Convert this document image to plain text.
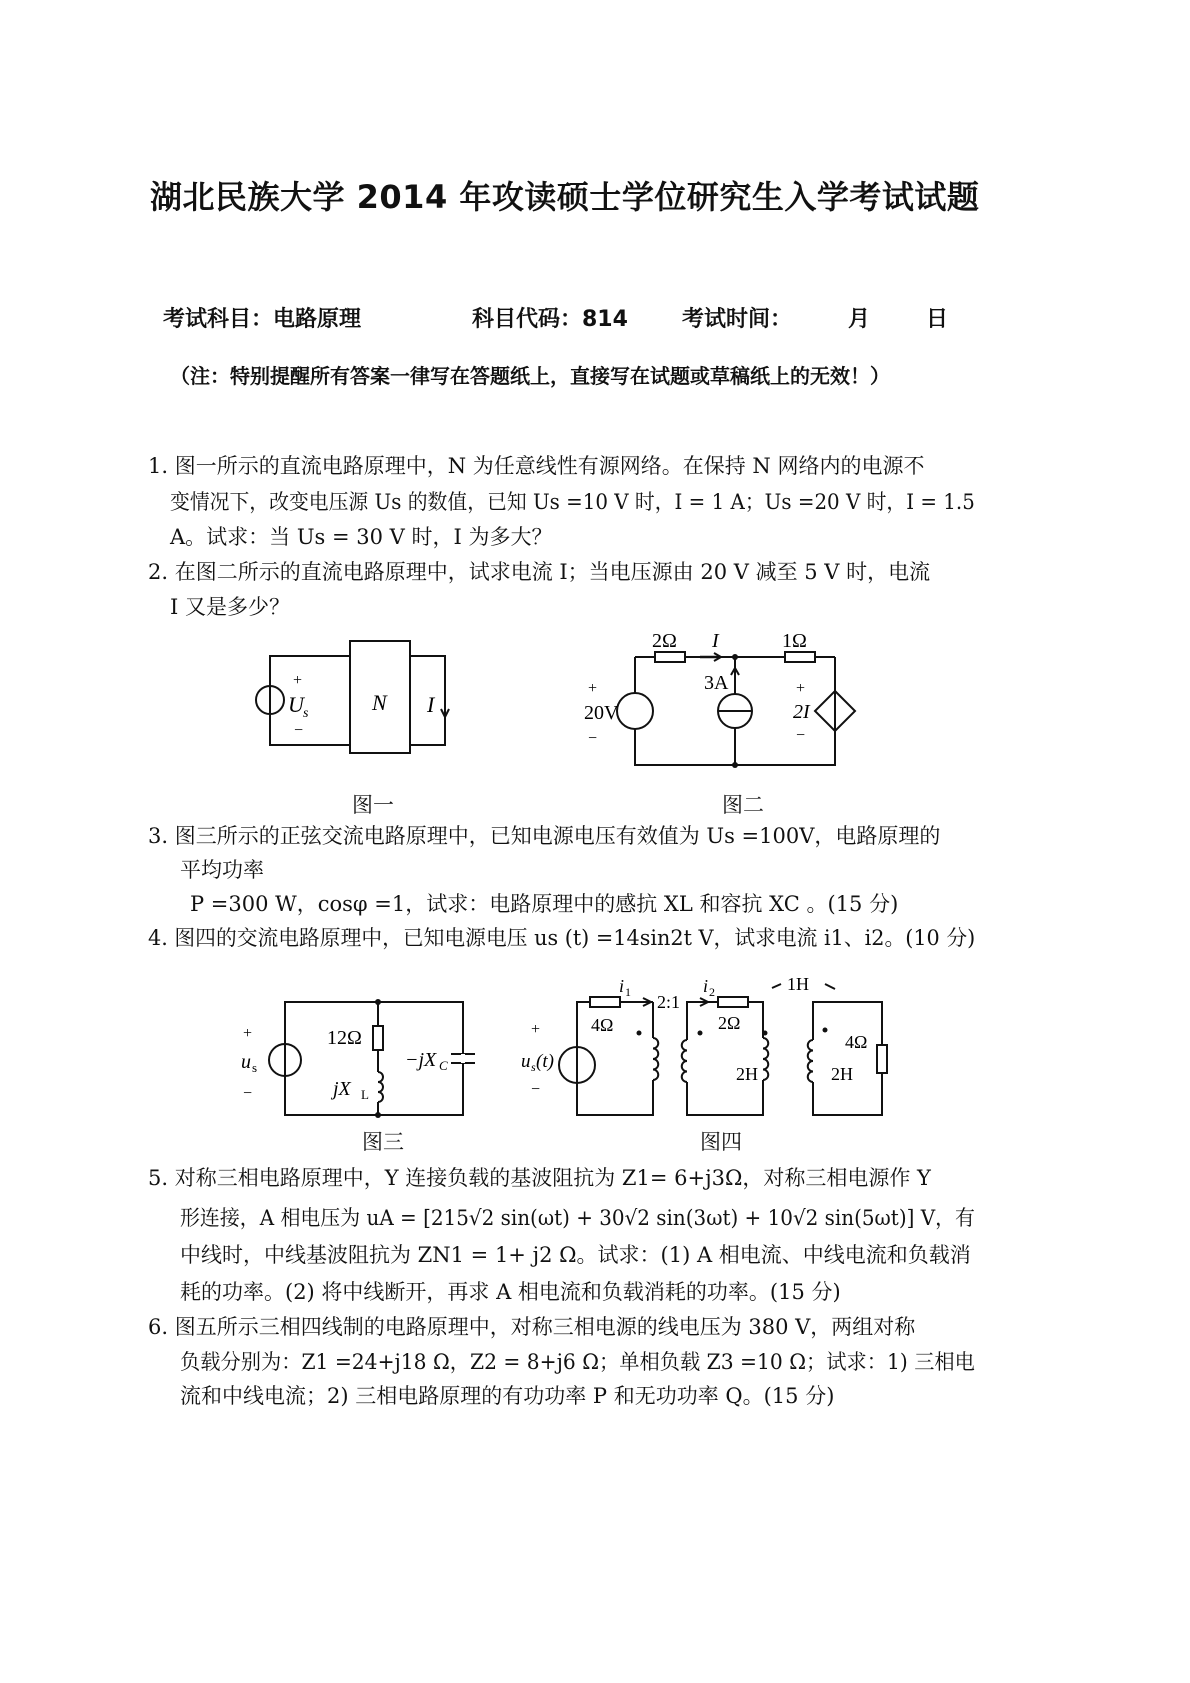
湖北民族大学 2014 年攻读硕士学位研究生入学考试试题
考试科目：电路原理	科目代码：814 考试时间：	月	日
（注：特别提醒所有答案一律写在答题纸上，直接写在试题或草稿纸上的无效！）
1. 图一所示的直流电路原理中，N 为任意线性有源网络。在保持 N 网络内的电源不
变情况下，改变电压源 Us 的数值，已知 Us =10 V 时，I = 1 A；Us =20 V 时，I = 1.5
A。试求：当 Us = 30 V 时，I 为多大？
2. 在图二所示的直流电路原理中，试求电流 I；当电压源由 20 V 减至 5 V 时，电流
I 又是多少？
+
U s
−
N I
2Ω I	1Ω
3A
+
20V
−
+
2I
−
图一	图二
3. 图三所示的正弦交流电路原理中，已知电源电压有效值为 Us =100V，电路原理的
平均功率
P =300 W，cosφ =1，试求：电路原理中的感抗 XL 和容抗 XC 。(15 分)
4. 图四的交流电路原理中，已知电源电压 us (t) =14sin2t V，试求电流 i1、i2。(10 分)
+
u s
−
12Ω
jX L
−jX C
i 1 2:1
i 2
4Ω	2Ω
4Ω
1H
2H	2H
+
u s (t)
−
图三	图四
5. 对称三相电路原理中，Y 连接负载的基波阻抗为 Z1= 6+j3Ω，对称三相电源作 Y
形连接，A 相电压为 uA = [215√2 sin(ωt) + 30√2 sin(3ωt) + 10√2 sin(5ωt)] V，有
中线时，中线基波阻抗为 ZN1 = 1+ j2 Ω。试求：(1) A 相电流、中线电流和负载消
耗的功率。(2) 将中线断开，再求 A 相电流和负载消耗的功率。(15 分)
6. 图五所示三相四线制的电路原理中，对称三相电源的线电压为 380 V，两组对称
负载分别为：Z1 =24+j18 Ω，Z2 = 8+j6 Ω；单相负载 Z3 =10 Ω；试求：1) 三相电
流和中线电流；2) 三相电路原理的有功功率 P 和无功功率 Q。(15 分)
